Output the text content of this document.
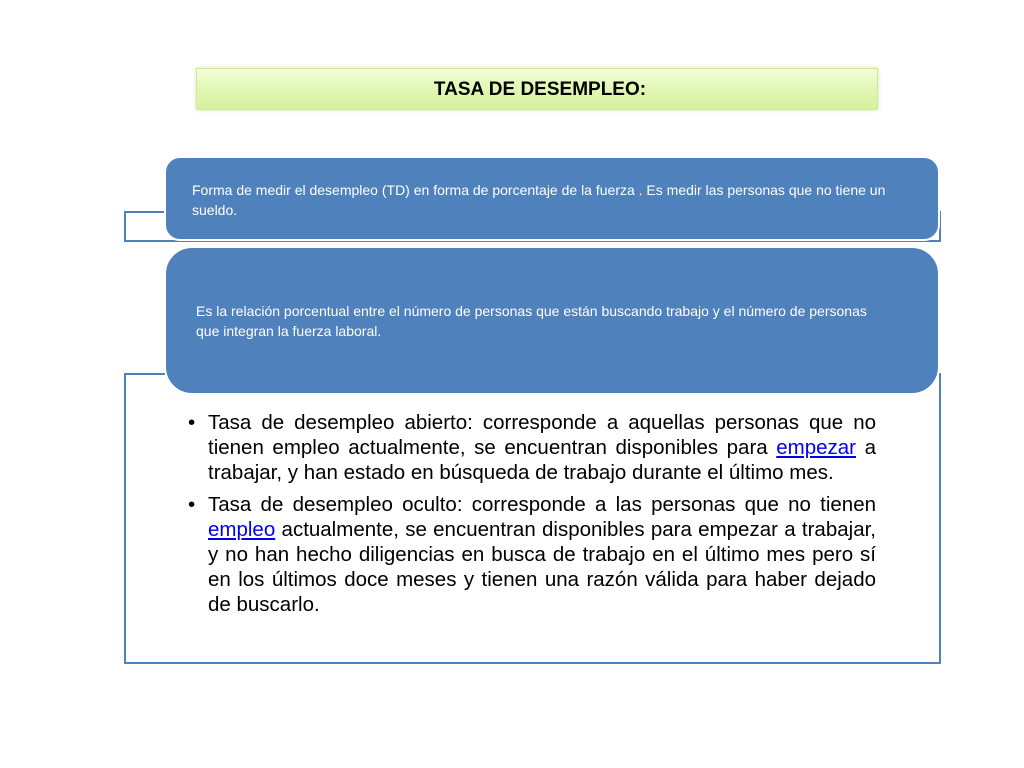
TASA DE DESEMPLEO:
Forma de medir el desempleo (TD) en forma de porcentaje de la fuerza . Es medir las personas que no tiene un sueldo.
Es la relación porcentual entre el número de personas que están buscando trabajo y el número de personas que integran la fuerza laboral.
• Tasa de desempleo abierto: corresponde a aquellas personas que no tienen empleo actualmente, se encuentran disponibles para empezar a trabajar, y han estado en búsqueda de trabajo durante el último mes.
• Tasa de desempleo oculto: corresponde a las personas que no tienen empleo actualmente, se encuentran disponibles para empezar a trabajar, y no han hecho diligencias en busca de trabajo en el último mes pero sí en los últimos doce meses y tienen una razón válida para haber dejado de buscarlo.
